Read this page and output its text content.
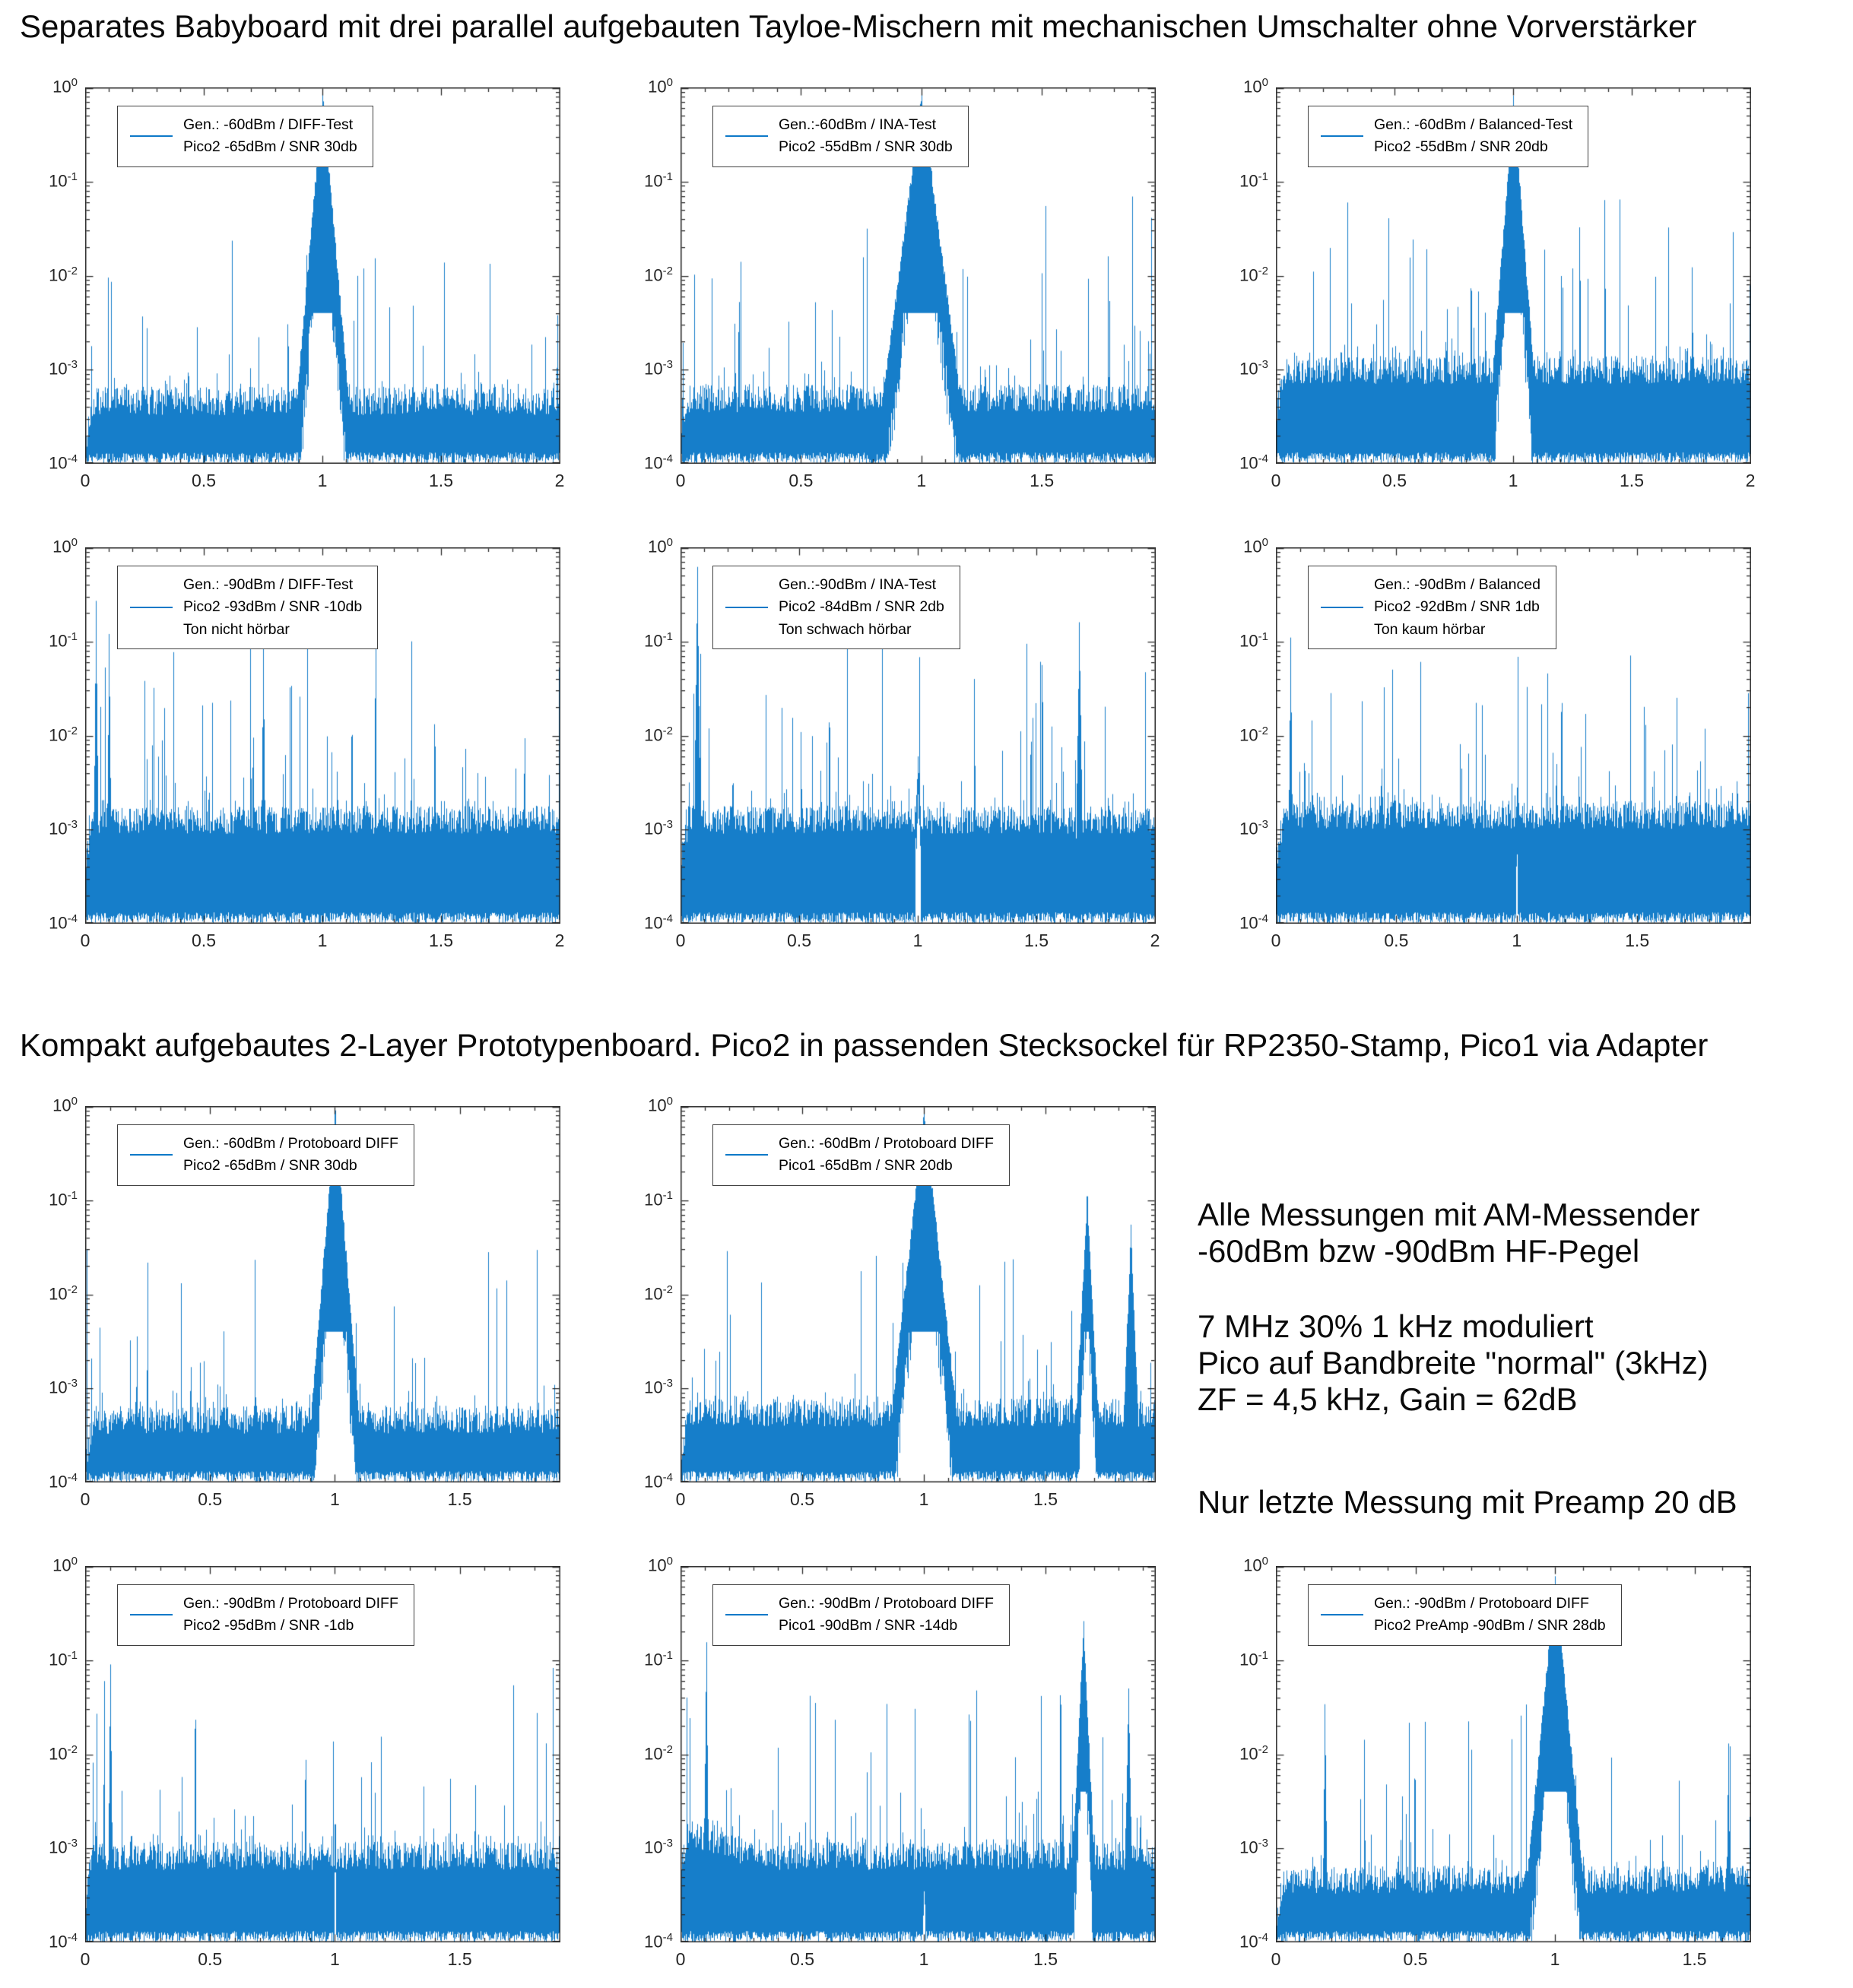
Separates Babyboard mit drei parallel aufgebauten Tayloe-Mischern mit mechanischen Umschalter ohne Vorverstärker
$10^0$
$10^{-1}$
$10^{-2}$
$10^{-3}$
$10^{-4}$
0	0.5	1	1.5	2
Gen.: -60dBm / DIFF-Test
Pico2 -65dBm / SNR 30db
$10^0$
$10^{-1}$
$10^{-2}$
$10^{-3}$
$10^{-4}$
0	0.5	1	1.5
Gen.:-60dBm / INA-Test
Pico2 -55dBm / SNR 30db
$10^0$
$10^{-1}$
$10^{-2}$
$10^{-3}$
$10^{-4}$
0	0.5	1	1.5	2
Gen.: -60dBm / Balanced-Test
Pico2 -55dBm / SNR 20db
$10^0$
$10^{-1}$
$10^{-2}$
$10^{-3}$
$10^{-4}$
0	0.5	1	1.5	2
Gen.: -90dBm / DIFF-Test
Pico2 -93dBm / SNR -10db
Ton nicht hörbar
$10^0$
$10^{-1}$
$10^{-2}$
$10^{-3}$
$10^{-4}$
0	0.5	1	1.5	2
Gen.:-90dBm / INA-Test
Pico2 -84dBm / SNR 2db
Ton schwach hörbar
$10^0$
$10^{-1}$
$10^{-2}$
$10^{-3}$
$10^{-4}$
0	0.5	1	1.5
Gen.: -90dBm / Balanced
Pico2 -92dBm / SNR 1db
Ton kaum hörbar
Kompakt aufgebautes 2-Layer Prototypenboard. Pico2 in passenden Stecksockel für RP2350-Stamp, Pico1 via Adapter
$10^0$
$10^{-1}$
$10^{-2}$
$10^{-3}$
$10^{-4}$
0	0.5	1	1.5
Gen.: -60dBm / Protoboard DIFF
Pico2 -65dBm / SNR 30db
$10^0$
$10^{-1}$
$10^{-2}$
$10^{-3}$
$10^{-4}$
0	0.5	1	1.5
Gen.: -60dBm / Protoboard DIFF
Pico1 -65dBm / SNR 20db
$10^0$
$10^{-1}$
$10^{-2}$
$10^{-3}$
$10^{-4}$
0	0.5	1	1.5
Gen.: -90dBm / Protoboard DIFF
Pico2 -95dBm / SNR -1db
$10^0$
$10^{-1}$
$10^{-2}$
$10^{-3}$
$10^{-4}$
0	0.5	1	1.5
Gen.: -90dBm / Protoboard DIFF
Pico1 -90dBm / SNR -14db
$10^0$
$10^{-1}$
$10^{-2}$
$10^{-3}$
$10^{-4}$
0	0.5	1	1.5
Gen.: -90dBm / Protoboard DIFF
Pico2 PreAmp -90dBm / SNR 28db
Alle Messungen mit AM-Messender
-60dBm bzw -90dBm HF-Pegel
7 MHz 30% 1 kHz moduliert
Pico auf Bandbreite "normal" (3kHz)
ZF = 4,5 kHz, Gain = 62dB
Nur letzte Messung mit Preamp 20 dB
